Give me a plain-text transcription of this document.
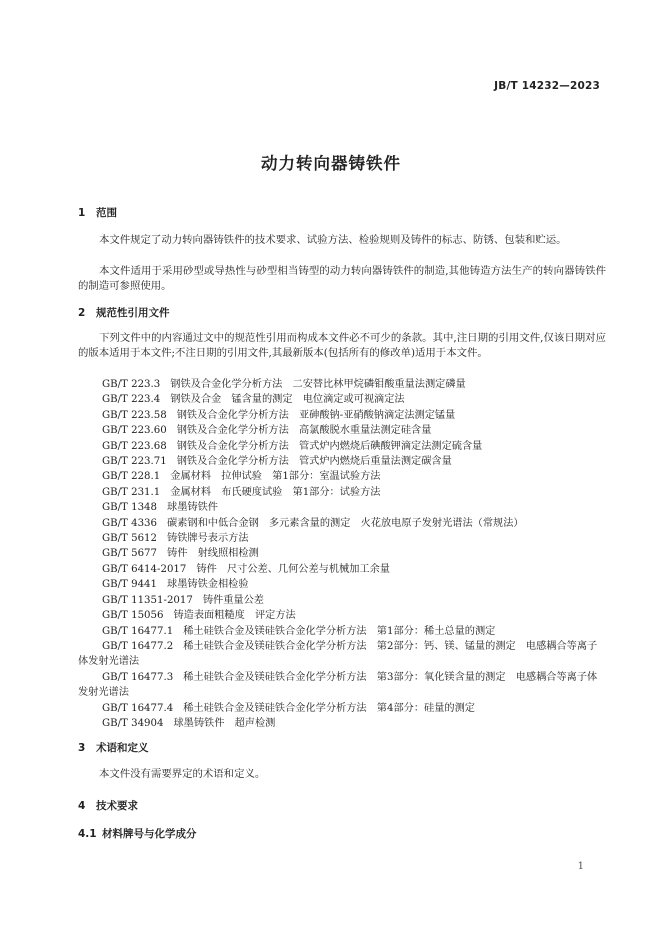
JB/T 14232—2023
动力转向器铸铁件
1 范围
本文件规定了动力转向器铸铁件的技术要求、试验方法、检验规则及铸件的标志、防锈、包装和贮运。
本文件适用于采用砂型或导热性与砂型相当铸型的动力转向器铸铁件的制造,其他铸造方法生产的转向器铸铁件的制造可参照使用。
2 规范性引用文件
下列文件中的内容通过文中的规范性引用而构成本文件必不可少的条款。其中,注日期的引用文件,仅该日期对应的版本适用于本文件;不注日期的引用文件,其最新版本(包括所有的修改单)适用于本文件。
GB/T 223.3 钢铁及合金化学分析方法　二安替比林甲烷磷钼酸重量法测定磷量
GB/T 223.4 钢铁及合金　锰含量的测定　电位滴定或可视滴定法
GB/T 223.58 钢铁及合金化学分析方法　亚砷酸钠-亚硝酸钠滴定法测定锰量
GB/T 223.60 钢铁及合金化学分析方法　高氯酸脱水重量法测定硅含量
GB/T 223.68 钢铁及合金化学分析方法　管式炉内燃烧后碘酸钾滴定法测定硫含量
GB/T 223.71 钢铁及合金化学分析方法　管式炉内燃烧后重量法测定碳含量
GB/T 228.1 金属材料　拉伸试验　第1部分：室温试验方法
GB/T 231.1 金属材料　布氏硬度试验　第1部分：试验方法
GB/T 1348 球墨铸铁件
GB/T 4336 碳素钢和中低合金钢　多元素含量的测定　火花放电原子发射光谱法（常规法）
GB/T 5612 铸铁牌号表示方法
GB/T 5677 铸件　射线照相检测
GB/T 6414-2017 铸件　尺寸公差、几何公差与机械加工余量
GB/T 9441 球墨铸铁金相检验
GB/T 11351-2017 铸件重量公差
GB/T 15056 铸造表面粗糙度　评定方法
GB/T 16477.1 稀土硅铁合金及镁硅铁合金化学分析方法　第1部分：稀土总量的测定
GB/T 16477.2 稀土硅铁合金及镁硅铁合金化学分析方法　第2部分：钙、镁、锰量的测定　电感耦合等离子体发射光谱法
GB/T 16477.3 稀土硅铁合金及镁硅铁合金化学分析方法　第3部分：氧化镁含量的测定　电感耦合等离子体发射光谱法
GB/T 16477.4 稀土硅铁合金及镁硅铁合金化学分析方法　第4部分：硅量的测定
GB/T 34904 球墨铸铁件　超声检测
3 术语和定义
本文件没有需要界定的术语和定义。
4 技术要求
4.1 材料牌号与化学成分
1
